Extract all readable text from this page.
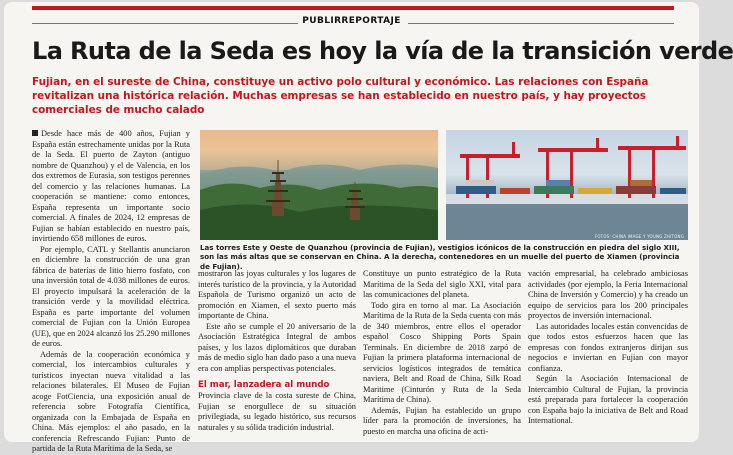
PUBLIRREPORTAJE
La Ruta de la Seda es hoy la vía de la transición verde
Fujian, en el sureste de China, constituye un activo polo cultural y económico. Las relaciones con España revitalizan una histórica relación. Muchas empresas se han establecido en nuestro país, y hay proyectos comerciales de mucho calado

Desde hace más de 400 años, Fujian y España están estrechamente unidas por la Ruta de la Seda. El puerto de Zayton (antiguo nombre de Quanzhou) y el de Valencia, en los dos extremos de Eurasia, son testigos perennes del comercio y las relaciones humanas. La cooperación se mantiene: como entonces, España representa un importante socio comercial. A finales de 2024, 12 empresas de Fujian se habían establecido en nuestro país, invirtiendo 658 millones de euros.

Por ejemplo, CATL y Stellantis anunciaron en diciembre la construcción de una gran fábrica de baterías de litio hierro fosfato, con una inversión total de 4.038 millones de euros. El proyecto impulsará la aceleración de la transición verde y la movilidad eléctrica. España es parte importante del volumen comercial de Fujian con la Unión Europea (UE), que en 2024 alcanzó los 25.290 millones de euros.

Además de la cooperación económica y comercial, los intercambios culturales y turísticos inyectan nueva vitalidad a las relaciones bilaterales. El Museo de Fujian acoge FotCiencia, una exposición anual de referencia sobre Fotografía Científica, organizada con la Embajada de España en China. Más ejemplos: el año pasado, en la conferencia Refrescando Fujian: Punto de partida de la Ruta Marítima de la Seda, se

FOTOS: CHINA IMAGE Y YOUNG ZHITONG
Las torres Este y Oeste de Quanzhou (provincia de Fujian), vestigios icónicos de la construcción en piedra del siglo XIII, son las más altas que se conservan en China. A la derecha, contenedores en un muelle del puerto de Xiamen (provincia de Fujian).

mostraron las joyas culturales y los lugares de interés turístico de la provincia, y la Autoridad Española de Turismo organizó un acto de promoción en Xiamen, el sexto puerto más importante de China.

Este año se cumple el 20 aniversario de la Asociación Estratégica Integral de ambos países, y los lazos diplomáticos que duraban más de medio siglo han dado paso a una nueva era con amplias perspectivas potenciales.

El mar, lanzadera al mundo

Provincia clave de la costa sureste de China, Fujian se enorgullece de su situación privilegiada, su legado histórico, sus recursos naturales y su sólida tradición industrial.

Constituye un punto estratégico de la Ruta Marítima de la Seda del siglo XXI, vital para las comunicaciones del planeta.

Todo gira en torno al mar. La Asociación Marítima de la Ruta de la Seda cuenta con más de 340 miembros, entre ellos el operador español Cosco Shipping Ports Spain Terminals. En diciembre de 2018 zarpó de Fujian la primera plataforma internacional de servicios logísticos integrados de temática naviera, Belt and Road de China, Silk Road Maritime (Cinturón y Ruta de la Seda Marítima de China).

Además, Fujian ha establecido un grupo líder para la promoción de inversiones, ha puesto en marcha una oficina de acti-

vación empresarial, ha celebrado ambiciosas actividades (por ejemplo, la Feria Internacional China de Inversión y Comercio) y ha creado un equipo de servicios para los 200 principales proyectos de inversión internacional.

Las autoridades locales están convencidas de que todos estos esfuerzos hacen que las empresas con fondos extranjeros dirijan sus negocios e inviertan en Fujian con mayor confianza.

Según la Asociación Internacional de Intercambio Cultural de Fujian, la provincia está preparada para fortalecer la cooperación con España bajo la iniciativa de Belt and Road International.
